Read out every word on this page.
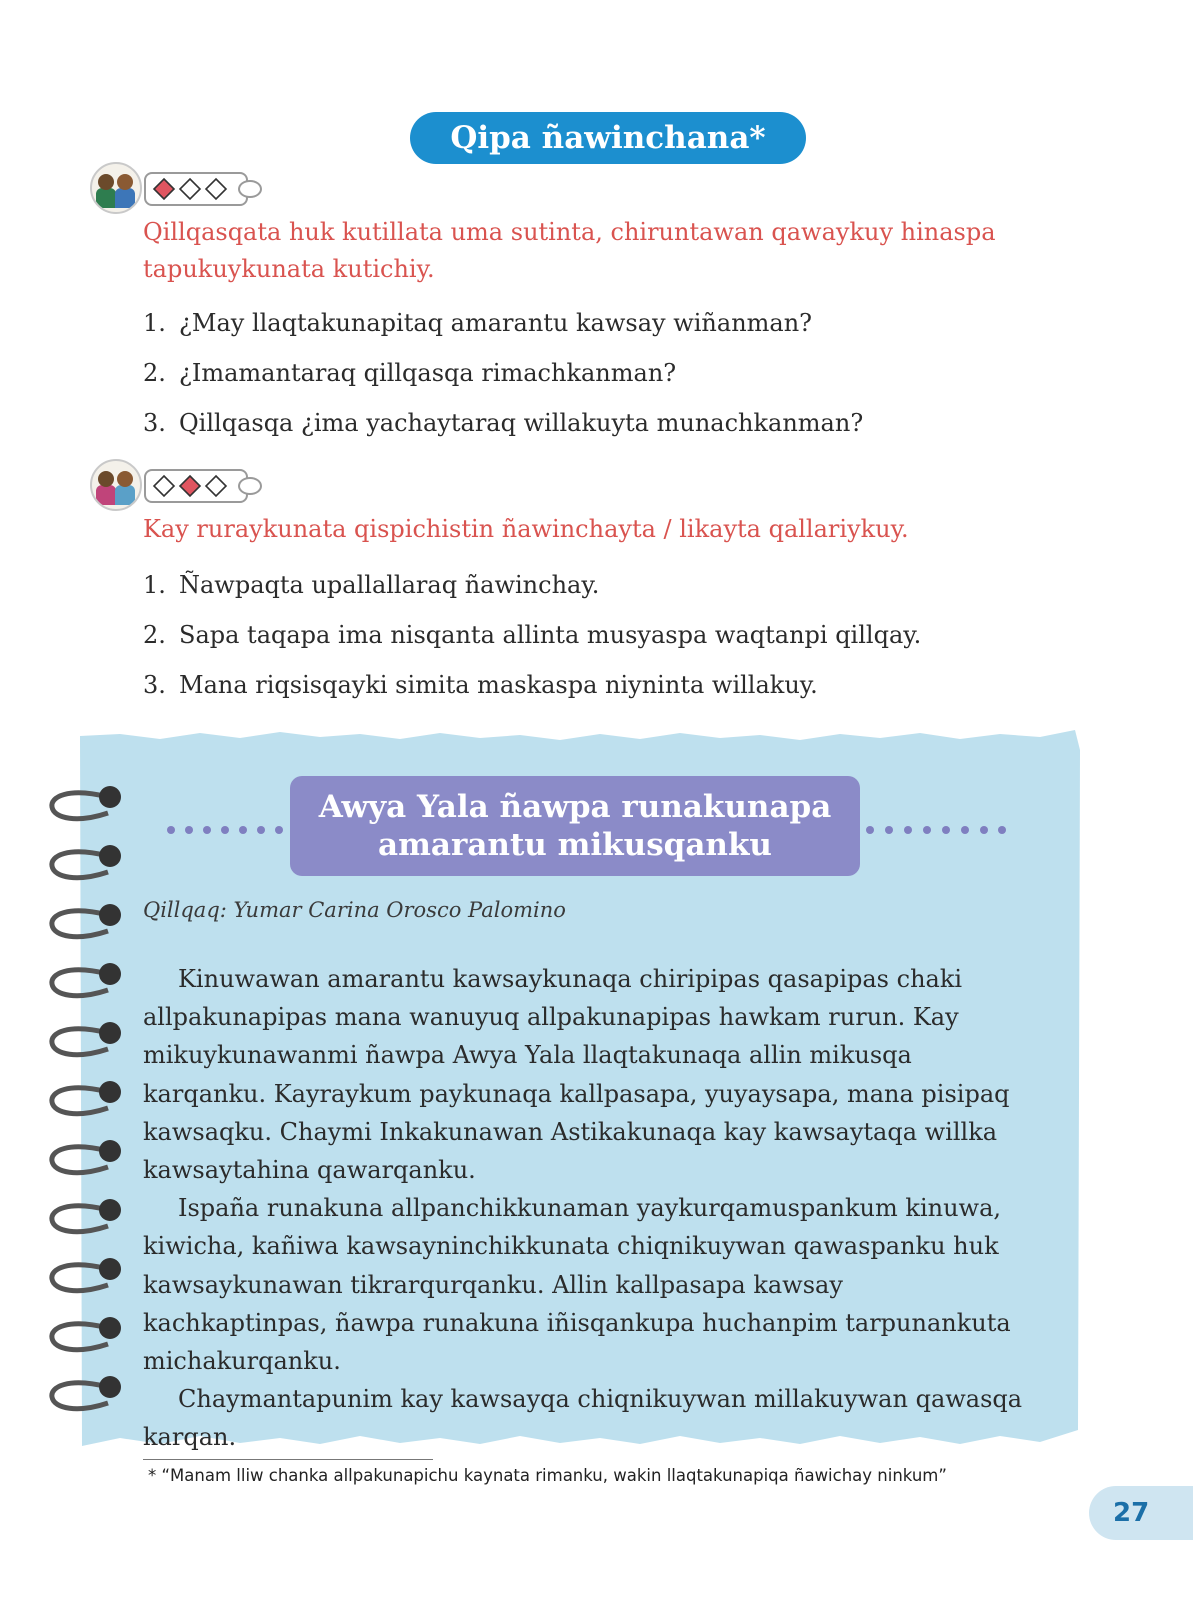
Qipa ñawinchana*
Qillqasqata huk kutillata uma sutinta, chiruntawan qawaykuy hinaspa tapukuykunata kutichiy.
1. ¿May llaqtakunapitaq amarantu kawsay wiñanman?
2. ¿Imamantaraq qillqasqa rimachkanman?
3. Qillqasqa ¿ima yachaytaraq willakuyta munachkanman?
Kay ruraykunata qispichistin ñawinchayta / likayta qallariykuy.
1. Ñawpaqta upallallaraq ñawinchay.
2. Sapa taqapa ima nisqanta allinta musyaspa waqtanpi qillqay.
3. Mana riqsisqayki simita maskaspa niyninta willakuy.
Awya Yala ñawpa runakunapa
amarantu mikusqanku
Qillqaq: Yumar Carina Orosco Palomino

Kinuwawan amarantu kawsaykunaqa chiripipas qasapipas chaki allpakunapipas mana wanuyuq allpakunapipas hawkam rurun. Kay mikuykunawanmi ñawpa Awya Yala llaqtakunaqa allin mikusqa karqanku. Kayraykum paykunaqa kallpasapa, yuyaysapa, mana pisipaq kawsaqku. Chaymi Inkakunawan Astikakunaqa kay kawsaytaqa willka kawsaytahina qawarqanku.

Ispaña runakuna allpanchikkunaman yaykurqamuspankum kinuwa, kiwicha, kañiwa kawsayninchikkunata chiqnikuywan qawaspanku huk kawsaykunawan tikrarqurqanku. Allin kallpasapa kawsay kachkaptinpas, ñawpa runakuna iñisqankupa huchanpim tarpunankuta michakurqanku.

Chaymantapunim kay kawsayqa chiqnikuywan millakuywan qawasqa karqan.

* “Manam lliw chanka allpakunapichu kaynata rimanku, wakin llaqtakunapiqa ñawichay ninkum”
27
